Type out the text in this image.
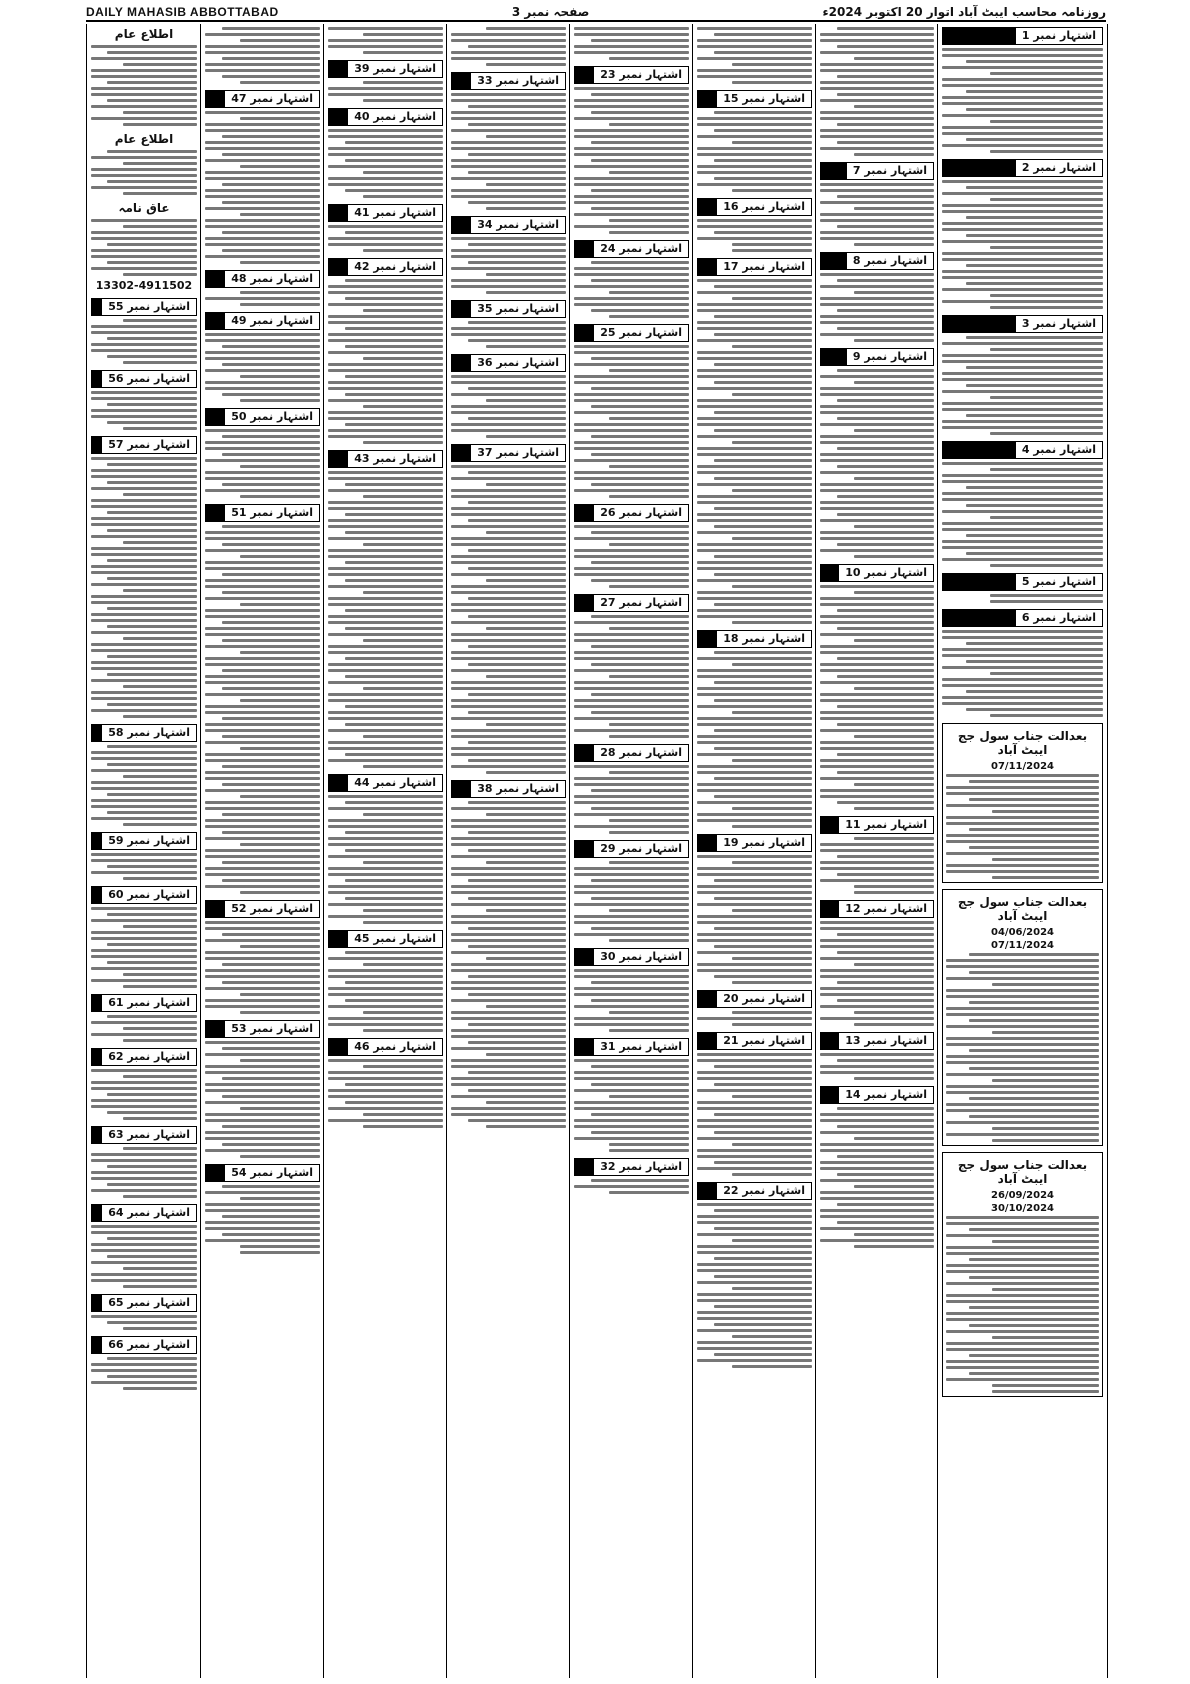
DAILY MAHASIB ABBOTTABAD	صفحہ نمبر 3	روزنامہ محاسب ایبٹ آباد اتوار 20 اکتوبر 2024ء
اطلاع عام
اطلاع عام
عاق نامہ
13302-4911502
اشتہار نمبر 55
اشتہار نمبر 56
اشتہار نمبر 57
اشتہار نمبر 58
اشتہار نمبر 59
اشتہار نمبر 60
اشتہار نمبر 61
اشتہار نمبر 62
اشتہار نمبر 63
اشتہار نمبر 64
اشتہار نمبر 65
اشتہار نمبر 66
اشتہار نمبر 47
اشتہار نمبر 48
اشتہار نمبر 49
اشتہار نمبر 50
اشتہار نمبر 51
اشتہار نمبر 52
اشتہار نمبر 53
اشتہار نمبر 54
اشتہار نمبر 39
اشتہار نمبر 40
اشتہار نمبر 41
اشتہار نمبر 42
اشتہار نمبر 43
اشتہار نمبر 44
اشتہار نمبر 45
اشتہار نمبر 46
اشتہار نمبر 33
اشتہار نمبر 34
اشتہار نمبر 35
اشتہار نمبر 36
اشتہار نمبر 37
اشتہار نمبر 38
اشتہار نمبر 23
اشتہار نمبر 24
اشتہار نمبر 25
اشتہار نمبر 26
اشتہار نمبر 27
اشتہار نمبر 28
اشتہار نمبر 29
اشتہار نمبر 30
اشتہار نمبر 31
اشتہار نمبر 32
اشتہار نمبر 15
اشتہار نمبر 16
اشتہار نمبر 17
اشتہار نمبر 18
اشتہار نمبر 19
اشتہار نمبر 20
اشتہار نمبر 21
اشتہار نمبر 22
اشتہار نمبر 7
اشتہار نمبر 8
اشتہار نمبر 9
اشتہار نمبر 10
اشتہار نمبر 11
اشتہار نمبر 12
اشتہار نمبر 13
اشتہار نمبر 14
اشتہار نمبر 1
اشتہار نمبر 2
اشتہار نمبر 3
اشتہار نمبر 4
اشتہار نمبر 5
اشتہار نمبر 6
بعدالت جناب سول جج ایبٹ آباد
07/11/2024
بعدالت جناب سول جج ایبٹ آباد
04/06/2024
07/11/2024
بعدالت جناب سول جج ایبٹ آباد
26/09/2024
30/10/2024
